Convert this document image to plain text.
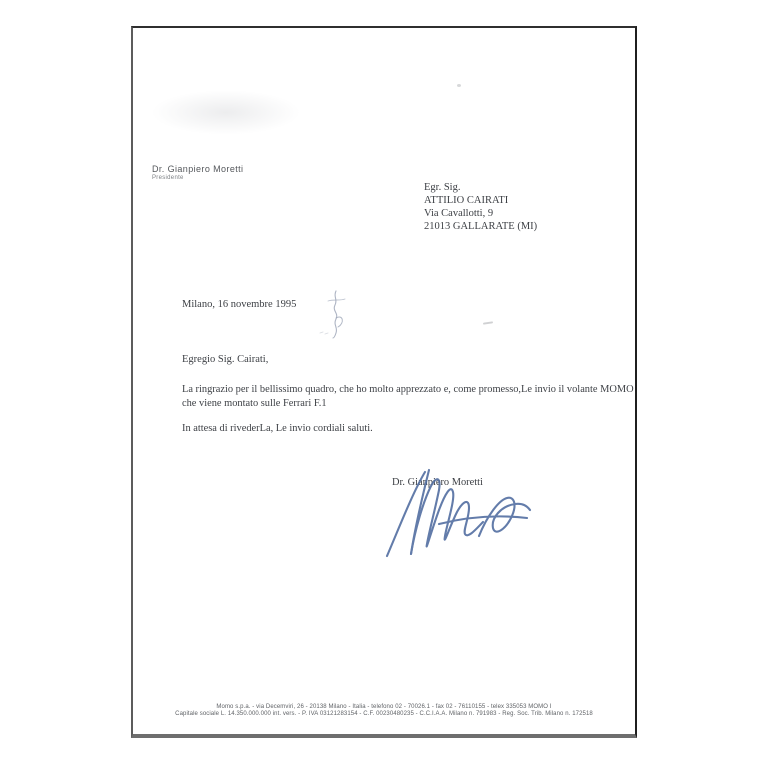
Dr. Gianpiero Moretti
Presidente
Egr. Sig.
ATTILIO CAIRATI
Via Cavallotti, 9
21013 GALLARATE (MI)
Milano, 16 novembre 1995
Egregio Sig. Cairati,
La ringrazio per il bellissimo quadro, che ho molto apprezzato e, come promesso,Le invio il volante MOMO che viene montato sulle Ferrari F.1
In attesa di rivederLa, Le invio cordiali saluti.
Dr. Gianpiero Moretti
Momo s.p.a. - via Decemviri, 26 - 20138 Milano - Italia - telefono 02 - 70026.1 - fax 02 - 76110155 - telex 335053 MOMO I
Capitale sociale L. 14.350.000.000 int. vers. - P. IVA 03121283154 - C.F. 00230480235 - C.C.I.A.A. Milano n. 791983 - Reg. Soc. Trib. Milano n. 172518
